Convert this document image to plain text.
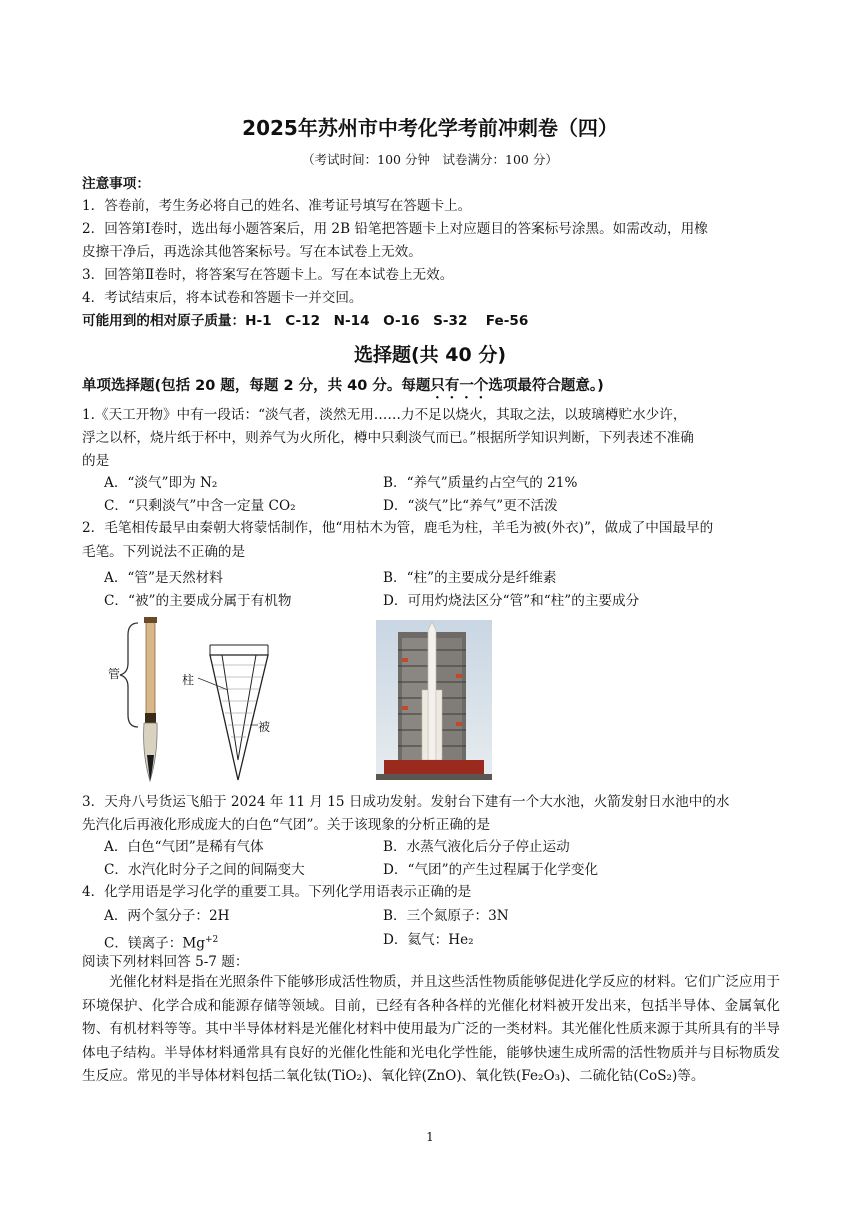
2025年苏州市中考化学考前冲刺卷（四）
（考试时间：100 分钟　试卷满分：100 分）
注意事项：
1．答卷前，考生务必将自己的姓名、准考证号填写在答题卡上。
2．回答第Ⅰ卷时，选出每小题答案后，用 2B 铅笔把答题卡上对应题目的答案标号涂黑。如需改动，用橡
皮擦干净后，再选涂其他答案标号。写在本试卷上无效。
3．回答第Ⅱ卷时，将答案写在答题卡上。写在本试卷上无效。
4．考试结束后，将本试卷和答题卡一并交回。
可能用到的相对原子质量：H-1　C-12　N-14　O-16　S-32　 Fe-56
选择题(共 40 分)
单项选择题(包括 20 题，每题 2 分，共 40 分。每题只有一个选项最符合题意。)
1.《天工开物》中有一段话：“淡气者，淡然无用……力不足以烧火，其取之法，以玻璃樽贮水少许，
浮之以杯，烧片纸于杯中，则养气为火所化，樽中只剩淡气而已。”根据所学知识判断，下列表述不准确
的是
A．“淡气”即为 N₂	B．“养气”质量约占空气的 21%
C．“只剩淡气”中含一定量 CO₂	D．“淡气”比“养气”更不活泼
2．毛笔相传最早由秦朝大将蒙恬制作，他“用枯木为管，鹿毛为柱，羊毛为被(外衣)”，做成了中国最早的
毛笔。下列说法不正确的是
A．“管”是天然材料	B．“柱”的主要成分是纤维素
C．“被”的主要成分属于有机物	D．可用灼烧法区分“管”和“柱”的主要成分
管	柱
被
3．天舟八号货运飞船于 2024 年 11 月 15 日成功发射。发射台下建有一个大水池，火箭发射日水池中的水
先汽化后再液化形成庞大的白色“气团”。关于该现象的分析正确的是
A．白色“气团”是稀有气体	B．水蒸气液化后分子停止运动
C．水汽化时分子之间的间隔变大	D．“气团”的产生过程属于化学变化
4．化学用语是学习化学的重要工具。下列化学用语表示正确的是
A．两个氢分子：2H	B．三个氮原子：3N
C．镁离子：$Mg^{+2}$	D．氦气：He₂
阅读下列材料回答 5-7 题：
光催化材料是指在光照条件下能够形成活性物质，并且这些活性物质能够促进化学反应的材料。它们广泛应用于环境保护、化学合成和能源存储等领域。目前，已经有各种各样的光催化材料被开发出来，包括半导体、金属氧化物、有机材料等等。其中半导体材料是光催化材料中使用最为广泛的一类材料。其光催化性质来源于其所具有的半导体电子结构。半导体材料通常具有良好的光催化性能和光电化学性能，能够快速生成所需的活性物质并与目标物质发生反应。常见的半导体材料包括二氧化钛(TiO₂)、氧化锌(ZnO)、氧化铁(Fe₂O₃)、二硫化钴(CoS₂)等。
1
